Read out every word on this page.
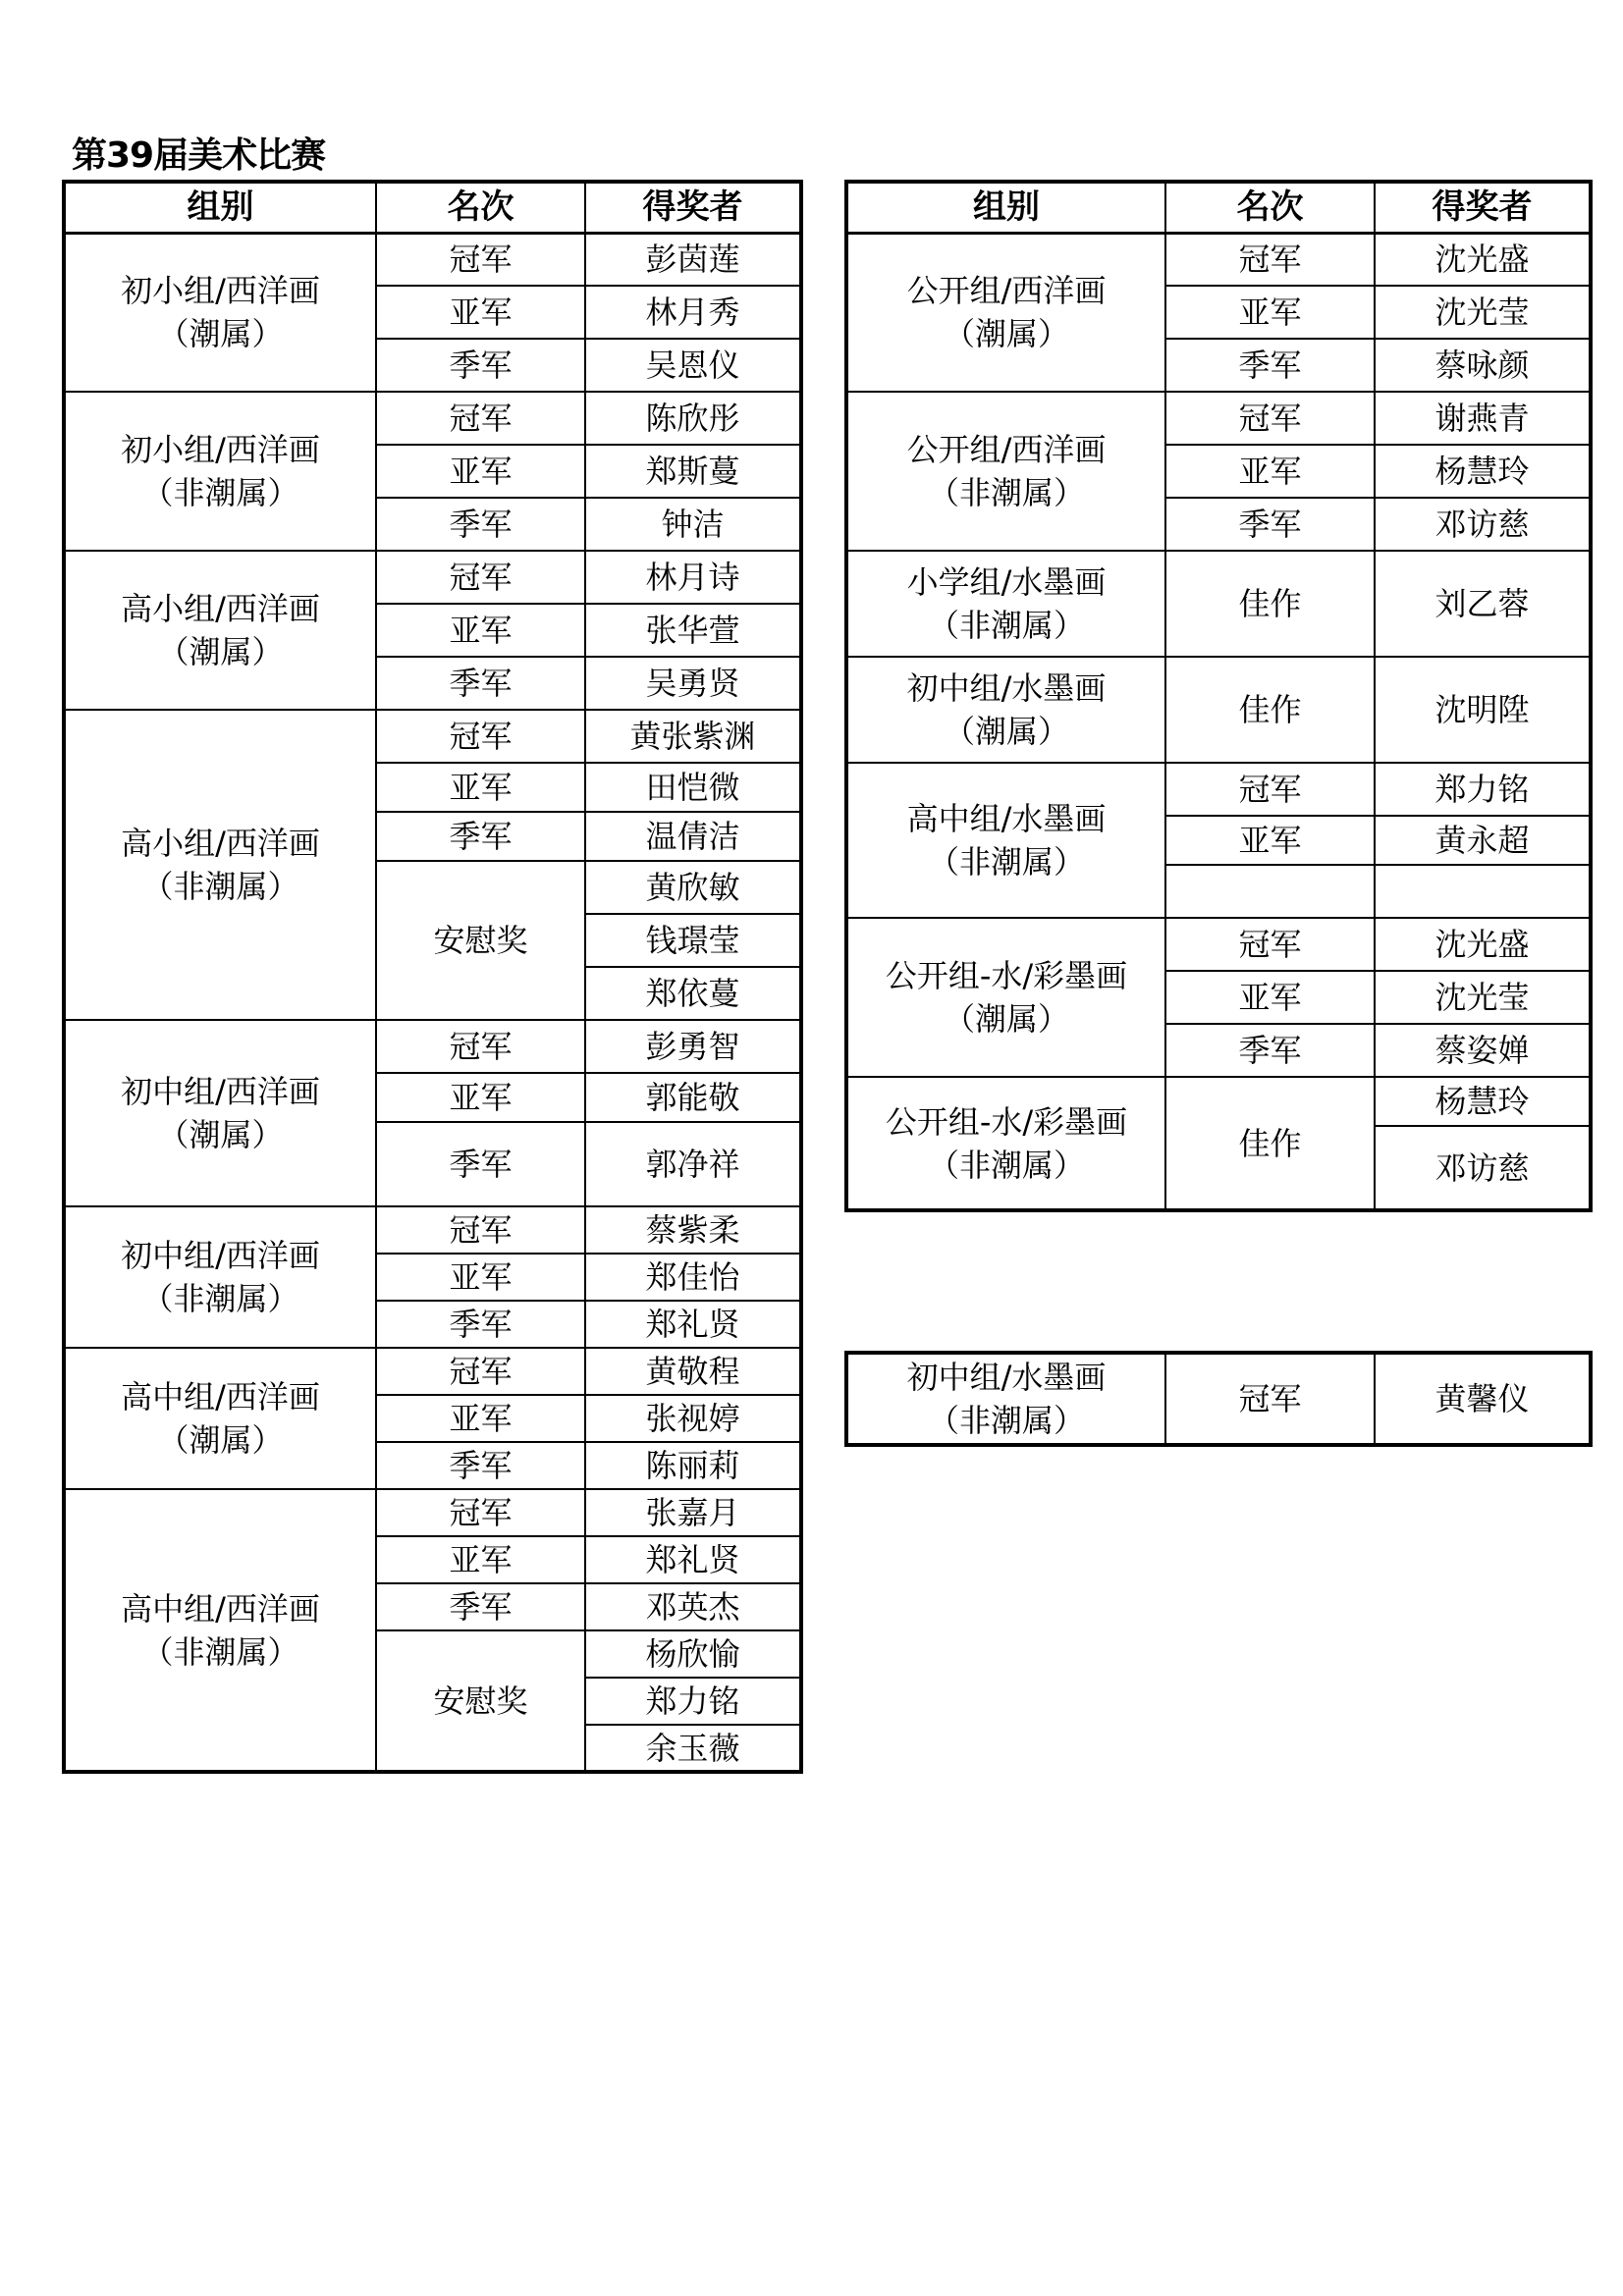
第39届美术比赛
组别	名次	得奖者

初小组/西洋画
（潮属）	冠军	彭茵莲
	亚军	林月秀
	季军	吴恩仪

初小组/西洋画
（非潮属）	冠军	陈欣彤
	亚军	郑斯蔓
	季军	钟洁

高小组/西洋画
（潮属）	冠军	林月诗
	亚军	张华萱
	季军	吴勇贤

高小组/西洋画
（非潮属）	冠军	黄张紫渊
	亚军	田恺微
	季军	温倩洁
	安慰奖	黄欣敏
		钱璟莹
		郑依蔓

初中组/西洋画
（潮属）	冠军	彭勇智
	亚军	郭能敬
	季军	郭净祥

初中组/西洋画
（非潮属）	冠军	蔡紫柔
	亚军	郑佳怡
	季军	郑礼贤

高中组/西洋画
（潮属）	冠军	黄敬程
	亚军	张视婷
	季军	陈丽莉

高中组/西洋画
（非潮属）	冠军	张嘉月
	亚军	郑礼贤
	季军	邓英杰
	安慰奖	杨欣愉
		郑力铭
		余玉薇
组别	名次	得奖者

公开组/西洋画
（潮属）	冠军	沈光盛
	亚军	沈光莹
	季军	蔡咏颜

公开组/西洋画
（非潮属）	冠军	谢燕青
	亚军	杨慧玲
	季军	邓访慈

小学组/水墨画
（非潮属）	佳作	刘乙蓉

初中组/水墨画
（潮属）	佳作	沈明陞

高中组/水墨画
（非潮属）	冠军	郑力铭
	亚军	黄永超

公开组-水/彩墨画
（潮属）	冠军	沈光盛
	亚军	沈光莹
	季军	蔡姿婵

公开组-水/彩墨画
（非潮属）	佳作	杨慧玲
		邓访慈
初中组/水墨画
（非潮属）
	冠军	黄馨仪
